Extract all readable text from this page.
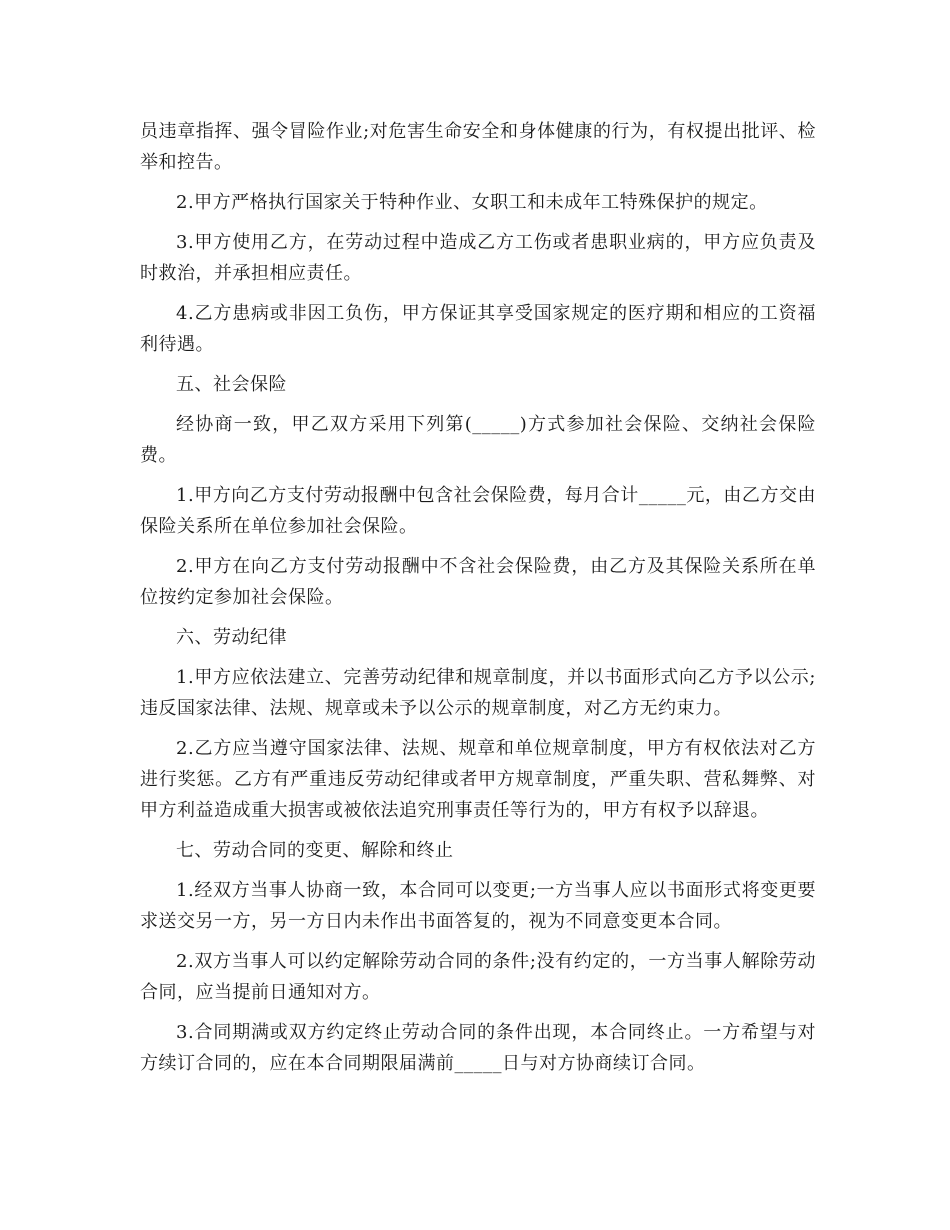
员违章指挥、强令冒险作业;对危害生命安全和身体健康的行为，有权提出批评、检举和控告。

2.甲方严格执行国家关于特种作业、女职工和未成年工特殊保护的规定。

3.甲方使用乙方，在劳动过程中造成乙方工伤或者患职业病的，甲方应负责及时救治，并承担相应责任。

4.乙方患病或非因工负伤，甲方保证其享受国家规定的医疗期和相应的工资福利待遇。

五、社会保险

经协商一致，甲乙双方采用下列第(_____)方式参加社会保险、交纳社会保险费。

1.甲方向乙方支付劳动报酬中包含社会保险费，每月合计_____元，由乙方交由保险关系所在单位参加社会保险。

2.甲方在向乙方支付劳动报酬中不含社会保险费，由乙方及其保险关系所在单位按约定参加社会保险。

六、劳动纪律

1.甲方应依法建立、完善劳动纪律和规章制度，并以书面形式向乙方予以公示;违反国家法律、法规、规章或未予以公示的规章制度，对乙方无约束力。

2.乙方应当遵守国家法律、法规、规章和单位规章制度，甲方有权依法对乙方进行奖惩。乙方有严重违反劳动纪律或者甲方规章制度，严重失职、营私舞弊、对甲方利益造成重大损害或被依法追究刑事责任等行为的，甲方有权予以辞退。

七、劳动合同的变更、解除和终止

1.经双方当事人协商一致，本合同可以变更;一方当事人应以书面形式将变更要求送交另一方，另一方日内未作出书面答复的，视为不同意变更本合同。

2.双方当事人可以约定解除劳动合同的条件;没有约定的，一方当事人解除劳动合同，应当提前日通知对方。

3.合同期满或双方约定终止劳动合同的条件出现，本合同终止。一方希望与对方续订合同的，应在本合同期限届满前_____日与对方协商续订合同。
